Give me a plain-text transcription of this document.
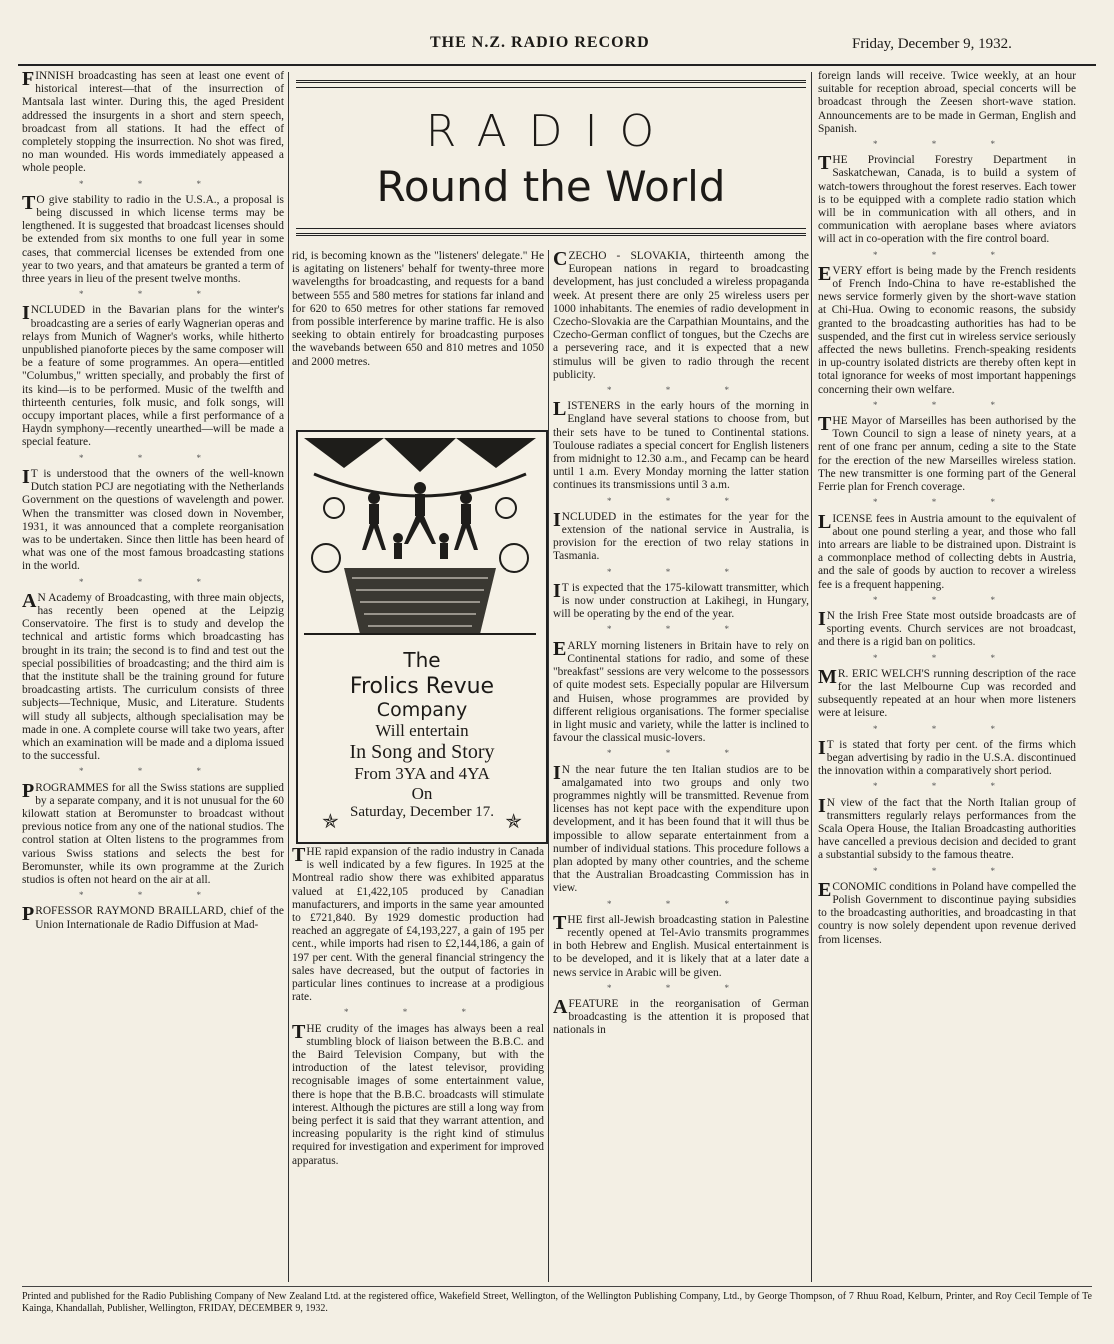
THE N.Z. RADIO RECORD	Friday, December 9, 1932.
RADIO
Round the World

FINNISH broadcasting has seen at least one event of historical interest—that of the insurrection of Mantsala last winter. During this, the aged President addressed the insurgents in a short and stern speech, broadcast from all stations. It had the effect of completely stopping the insurrection. No shot was fired, no man wounded. His words immediately appeased a whole people.

* * *

TO give stability to radio in the U.S.A., a proposal is being discussed in which license terms may be lengthened. It is suggested that broadcast licenses should be extended from six months to one full year in some cases, that commercial licenses be extended from one year to two years, and that amateurs be granted a term of three years in lieu of the present twelve months.

* * *

INCLUDED in the Bavarian plans for the winter's broadcasting are a series of early Wagnerian operas and relays from Munich of Wagner's works, while hitherto unpublished pianoforte pieces by the same composer will be a feature of some programmes. An opera—entitled "Columbus," written specially, and probably the first of its kind—is to be performed. Music of the twelfth and thirteenth centuries, folk music, and folk songs, will occupy important places, while a first performance of a Haydn symphony—recently unearthed—will be made a special feature.

* * *

IT is understood that the owners of the well-known Dutch station PCJ are negotiating with the Netherlands Government on the questions of wavelength and power. When the transmitter was closed down in November, 1931, it was announced that a complete reorganisation was to be undertaken. Since then little has been heard of what was one of the most famous broadcasting stations in the world.

* * *

AN Academy of Broadcasting, with three main objects, has recently been opened at the Leipzig Conservatoire. The first is to study and develop the technical and artistic forms which broadcasting has brought in its train; the second is to find and test out the special possibilities of broadcasting; and the third aim is that the institute shall be the training ground for future broadcasting artists. The curriculum consists of three subjects—Technique, Music, and Literature. Students will study all subjects, although specialisation may be made in one. A complete course will take two years, after which an examination will be made and a diploma issued to the successful.

* * *

PROGRAMMES for all the Swiss stations are supplied by a separate company, and it is not unusual for the 60 kilowatt station at Beromunster to broadcast without previous notice from any one of the national studios. The control station at Olten listens to the programmes from various Swiss stations and selects the best for Beromunster, while its own programme at the Zurich studios is often not heard on the air at all.

* * *

PROFESSOR RAYMOND BRAILLARD, chief of the Union Internationale de Radio Diffusion at Mad-

rid, is becoming known as the "listeners' delegate." He is agitating on listeners' behalf for twenty-three more wavelengths for broadcasting, and requests for a band between 555 and 580 metres for stations far inland and for 620 to 650 metres for other stations far removed from possible interference by marine traffic. He is also seeking to obtain entirely for broadcasting purposes the wavebands between 650 and 810 metres and 1050 and 2000 metres.

The
Frolics Revue
Company
Will entertain
In Song and Story
From 3YA and 4YA
On
Saturday, December 17.
✯	✯

THE rapid expansion of the radio industry in Canada is well indicated by a few figures. In 1925 at the Montreal radio show there was exhibited apparatus valued at £1,422,105 produced by Canadian manufacturers, and imports in the same year amounted to £721,840. By 1929 domestic production had reached an aggregate of £4,193,227, a gain of 195 per cent., while imports had risen to £2,144,186, a gain of 197 per cent. With the general financial stringency the sales have decreased, but the output of factories in particular lines continues to increase at a prodigious rate.

* * *

THE crudity of the images has always been a real stumbling block of liaison between the B.B.C. and the Baird Television Company, but with the introduction of the latest televisor, providing recognisable images of some entertainment value, there is hope that the B.B.C. broadcasts will stimulate interest. Although the pictures are still a long way from being perfect it is said that they warrant attention, and increasing popularity is the right kind of stimulus required for investigation and experiment for improved apparatus.

CZECHO - SLOVAKIA, thirteenth among the European nations in regard to broadcasting development, has just concluded a wireless propaganda week. At present there are only 25 wireless users per 1000 inhabitants. The enemies of radio development in Czecho-Slovakia are the Carpathian Mountains, and the Czecho-German conflict of tongues, but the Czechs are a persevering race, and it is expected that a new stimulus will be given to radio through the recent publicity.

* * *

LISTENERS in the early hours of the morning in England have several stations to choose from, but their sets have to be tuned to Continental stations. Toulouse radiates a special concert for English listeners from midnight to 12.30 a.m., and Fecamp can be heard until 1 a.m. Every Monday morning the latter station continues its transmissions until 3 a.m.

* * *

INCLUDED in the estimates for the year for the extension of the national service in Australia, is provision for the erection of two relay stations in Tasmania.

* * *

IT is expected that the 175-kilowatt transmitter, which is now under construction at Lakihegi, in Hungary, will be operating by the end of the year.

* * *

EARLY morning listeners in Britain have to rely on Continental stations for radio, and some of these "breakfast" sessions are very welcome to the possessors of quite modest sets. Especially popular are Hilversum and Huisen, whose programmes are provided by different religious organisations. The former specialise in light music and variety, while the latter is inclined to favour the classical music-lovers.

* * *

IN the near future the ten Italian studios are to be amalgamated into two groups and only two programmes nightly will be transmitted. Revenue from licenses has not kept pace with the expenditure upon development, and it has been found that it will thus be impossible to allow separate entertainment from a number of individual stations. This procedure follows a plan adopted by many other countries, and the scheme that the Australian Broadcasting Commission has in view.

* * *

THE first all-Jewish broadcasting station in Palestine recently opened at Tel-Avio transmits programmes in both Hebrew and English. Musical entertainment is to be developed, and it is likely that at a later date a news service in Arabic will be given.

* * *

AFEATURE in the reorganisation of German broadcasting is the attention it is proposed that nationals in

foreign lands will receive. Twice weekly, at an hour suitable for reception abroad, special concerts will be broadcast through the Zeesen short-wave station. Announcements are to be made in German, English and Spanish.

* * *

THE Provincial Forestry Department in Saskatchewan, Canada, is to build a system of watch-towers throughout the forest reserves. Each tower is to be equipped with a complete radio station which will be in communication with all others, and in communication with aeroplane bases where aviators will act in co-operation with the fire control board.

* * *

EVERY effort is being made by the French residents of French Indo-China to have re-established the news service formerly given by the short-wave station at Chi-Hua. Owing to economic reasons, the subsidy granted to the broadcasting authorities has had to be suspended, and the first cut in wireless service seriously affected the news bulletins. French-speaking residents in up-country isolated districts are thereby often kept in total ignorance for weeks of most important happenings concerning their own welfare.

* * *

THE Mayor of Marseilles has been authorised by the Town Council to sign a lease of ninety years, at a rent of one franc per annum, ceding a site to the State for the erection of the new Marseilles wireless station. The new transmitter is one forming part of the General Ferrie plan for French coverage.

* * *

LICENSE fees in Austria amount to the equivalent of about one pound sterling a year, and those who fall into arrears are liable to be distrained upon. Distraint is a commonplace method of collecting debts in Austria, and the sale of goods by auction to recover a wireless fee is a frequent happening.

* * *

IN the Irish Free State most outside broadcasts are of sporting events. Church services are not broadcast, and there is a rigid ban on politics.

* * *

MR. ERIC WELCH'S running description of the race for the last Melbourne Cup was recorded and subsequently repeated at an hour when more listeners were at leisure.

* * *

IT is stated that forty per cent. of the firms which began advertising by radio in the U.S.A. discontinued the innovation within a comparatively short period.

* * *

IN view of the fact that the North Italian group of transmitters regularly relays performances from the Scala Opera House, the Italian Broadcasting authorities have cancelled a previous decision and decided to grant a substantial subsidy to the famous theatre.

* * *

ECONOMIC conditions in Poland have compelled the Polish Government to discontinue paying subsidies to the broadcasting authorities, and broadcasting in that country is now solely dependent upon revenue derived from licenses.

Printed and published for the Radio Publishing Company of New Zealand Ltd. at the registered office, Wakefield Street, Wellington, of the Wellington Publishing Company, Ltd., by George Thompson, of 7 Rhuu Road, Kelburn, Printer, and Roy Cecil Temple of Te Kainga, Khandallah, Publisher, Wellington, FRIDAY, DECEMBER 9, 1932.
